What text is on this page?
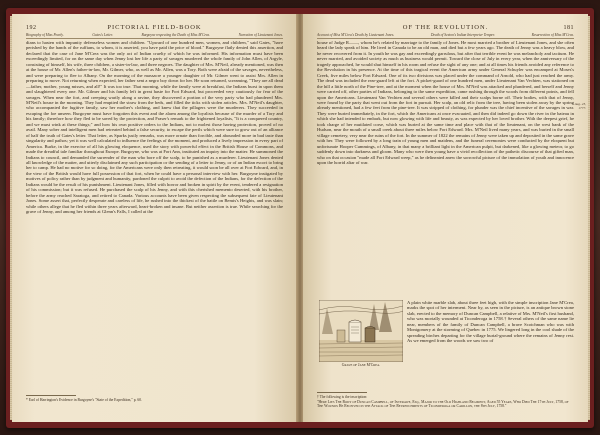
192	PICTORIAL FIELD-BOOK
Biography of Miss Pearly.	Gates's Letter.	Burgoyne respecting the Death of Miss M'Crea.	Narration of Lieutenant Jones.
dians to hasten with impunity defenseless women and children. "Upward of one hundred men, women, and children," said Gates, "have perished by the hands of the ruffians, to whom, it is asserted, you have paid the price of blood." Burgoyne flatly denied this assertion, and declared that the case of Jane M'Crea was the only act of Indian cruelty of which he was informed. His information must have been exceedingly limited, for on the same day when Jenny lost her life a party of savages murdered the whole family of John Allen, of Argyle, consisting of himself, his wife, three children, a sister-in-law, and three negroes. The daughter of Mrs. M'Neil, already mentioned, was then at the house of Mr. Allen's father-in-law, Mr. Gilmer, who, as well as Mr. Allen, was a Tory. Both were afraid of the savages, nevertheless, and were preparing to flee to Albany. On the morning of the massacre a younger daughter of Mr. Gilmer went to assist Mrs. Allen in preparing to move. Not returning when expected, her father sent a negro boy down for her. He soon returned, screaming, "They are all dead—father, mother, young misses, and all!" It was too true. That morning, while the family were at breakfast, the Indians burst in upon them and slaughtered every one. Mr. Gilmer and his family left in great haste for Fort Edward, but proceeded very cautiously for fear of the savages. When near the fort, and creeping warily along a ravine, they discovered a portion of the very party who had plundered Mrs. M'Neil's house in the morning. They had emptied the straw from the beds, and filled the ticks with stolen articles. Mrs. M'Neil's daughter, who accompanied the fugitive family, saw her mother's clothing, and knew that the pillagers were the murderers. They succeeded in escaping the foe unseen. Burgoyne must have forgotten this event and the alarm among the loyalists because of the murder of a Tory and his family; therefore how they fled to be saved by the protection, and Fraser's remark to the frightened loyalists, "It is a conquered country, and we must wink at these things;" and how his own positive orders to the Indians, not to molest those having protection, proved of no avail. Many sober and intelligent men had retreated behind a false security, to escape the perils which were sure to grow out of an alliance of half the truth of Gates's letter. That letter, as Sparks justly remarks, was more ornate than forcible, and abounded more in bad taste than singularity and pathos; yet it was well calculated to influence the feelings of the moment, and produced a lively impression in every part of America. Burke, in the exercise of all his glowing eloquence, used the story with powerful effect in the British House of Commons, and made the dreadful tale familiar throughout Europe. Burgoyne, who was at Fort Ann, instituted an inquiry into the matter. He summoned the Indians to council, and demanded the surrender of the man who bore off the scalp, to be punished as a murderer. Lieutenant Jones denied all knowledge of the matter, and utterly disclaimed any such participation or the sending of a letter to Jenny, or of an Indian escort to bring her to camp. He had no motive for so doing, for the Americans were only then retreating, it would soon be all over at Fort Edward, and, in the view of the British would have full possession of that fort, when he could have a personal interview with her. Burgoyne instigated by motives of policy rather than by judgment and humanity, pardoned the culprit to avoid the defection of the Indians, for the defection of the Indians would be the result of his punishment. Lieutenant Jones, filled with horror and broken in spirit by the event, tendered a resignation of his commission; but it was refused. He purchased the scalp of his Jenny, and with this cherished memento deserted, with his brother, before the army reached Saratoga, and retired to Canada. Various accounts have been given respecting the subsequent fate of Lieutenant Jones. Some assert that, perfectly desperate and careless of life, he rushed into the thickest of the battle on Bemis's Heights, and was slain; while others allege that he fled within three years afterward, heart-broken and insane. But neither assertion is true. While searching for the grave of Jenny, and among her friends at Glenn's Falls, I called at the
* Earl of Harrington's Evidence in Burgoyne's "State of the Expedition," p. 60.
OF THE REVOLUTION.	181
Account of Miss M'Crea's Death by Lieutenant Jones.	Death of Sexton's Indian Interpreter Temper.	Resurrection of Miss M'Crea.
house of Judge R——, whom he's related by marriage to the family of Jones. He most married a brother of Lieutenant Jones, and she often heard the lady speak of him. He lived in Canada to be an old man, and died but a few years ago. The death of Jenny was a heavy blow, and he never recovered from it. In youth he was gay and exceedingly garrulous, but after that terrible event he was melancholy and taciturn. He never married, and avoided society as much as business would permit. Toward the close of July in every year, when the anniversary of the tragedy approached, he would shut himself in his room and refuse the sight of any one; and at all times his friends avoided any reference to the Revolution in his presence. At the time of this tragical event the American army under General Schuyler was encamped at Moses's Creek, five miles below Fort Edward. One of its two divisions was placed under the command of Arnold, who had just reached the army. The dead was included the rear-guard left at the fort. A picket-guard of one hundred men, under Lieutenant Van Vechten, was stationed on the hill a little north of the Pine-tree, and at the moment when the house of Mrs. M'Neil was attacked and plundered, and herself and Jenny were carried off, other parties of Indians, belonging to the same expedition, came rushing through the woods from different points, and fell upon the Americans. Lieutenant Van Vechten and several others were killed and their scalps borne off. Their bodies, with that of Jenny, were found by the party that went out from the fort in pursuit. Her scalp, an old relic from the tree, having been stolen away by the spring already mentioned, had a few feet from the pine-tree. It was stripped of clothing, for plunder was the chief incentive of the savages in war. They were buried immediately, in the fort, which the Americans at once evacuated, and then did indeed go down the river in the bateau in which she had intended to embark, but now glowing with life and beauty, as was expected by her loved brother. With the deepest grief, he took charge of her mutilated corse, which was buried at the same time and place with that of the lieutenant, on the west bank of the Hudson, near the mouth of a small creek about three miles below Fort Edward. Mrs. M'Neil lived many years, and was buried in the small village cemetery, very near the ruins of the fort. In the summer of 1822 the remains of Jenny were taken up and deposited in the same grave with her. They were followed by a long train of young men and maidens, and the funeral ceremonies were conducted by the eloquent but unfortunate Hooper Cummings, of Albany, in that many a brilliant light in the American pulpit, but darkened, like a glowing meteor, to go suddenly down into darkness and gloom. Many who were then young have a vivid recollection of the pathetic discourse of that gifted man, who on that occasion "made all Fort Edward weep," as he delineated anew the sorrowful picture of the immolation of youth and innocence upon the horrid altar of war.
Aug. 23, 1777.
Grave of Jane M'Crea.
A plain white marble slab, about three feet high, with the simple inscription Jane M'Crea, marks the spot of her interment. Near by, as seen in the picture, is an antique brown stone slab, erected to the memory of Duncan Campbell, a relative of Mrs. M'Neil's first husband, who was mortally wounded at Ticonderoga in 1758.† Several others of the same name lie near, members of the family of Duncan Campbell, a brave Scotchman who was with Montgomery at the storming of Quebec in 1775. We lingered long in the cool shade of the spreading birches departing for the village burial-ground where the remains of Jenny rest. As we emerged from the woods we saw two of
† The following is the inscription:
"Here Lies The Body of Duncan Campbell, of Inverawe, Esq., Major to the Old Highland Regiment, Aged 55 Years, Who Died The 17th July, 1758, of The Wounds He Received in the Attack of The Retrenchments of Ticonderoga or Carillon, the 8th July, 1758."
